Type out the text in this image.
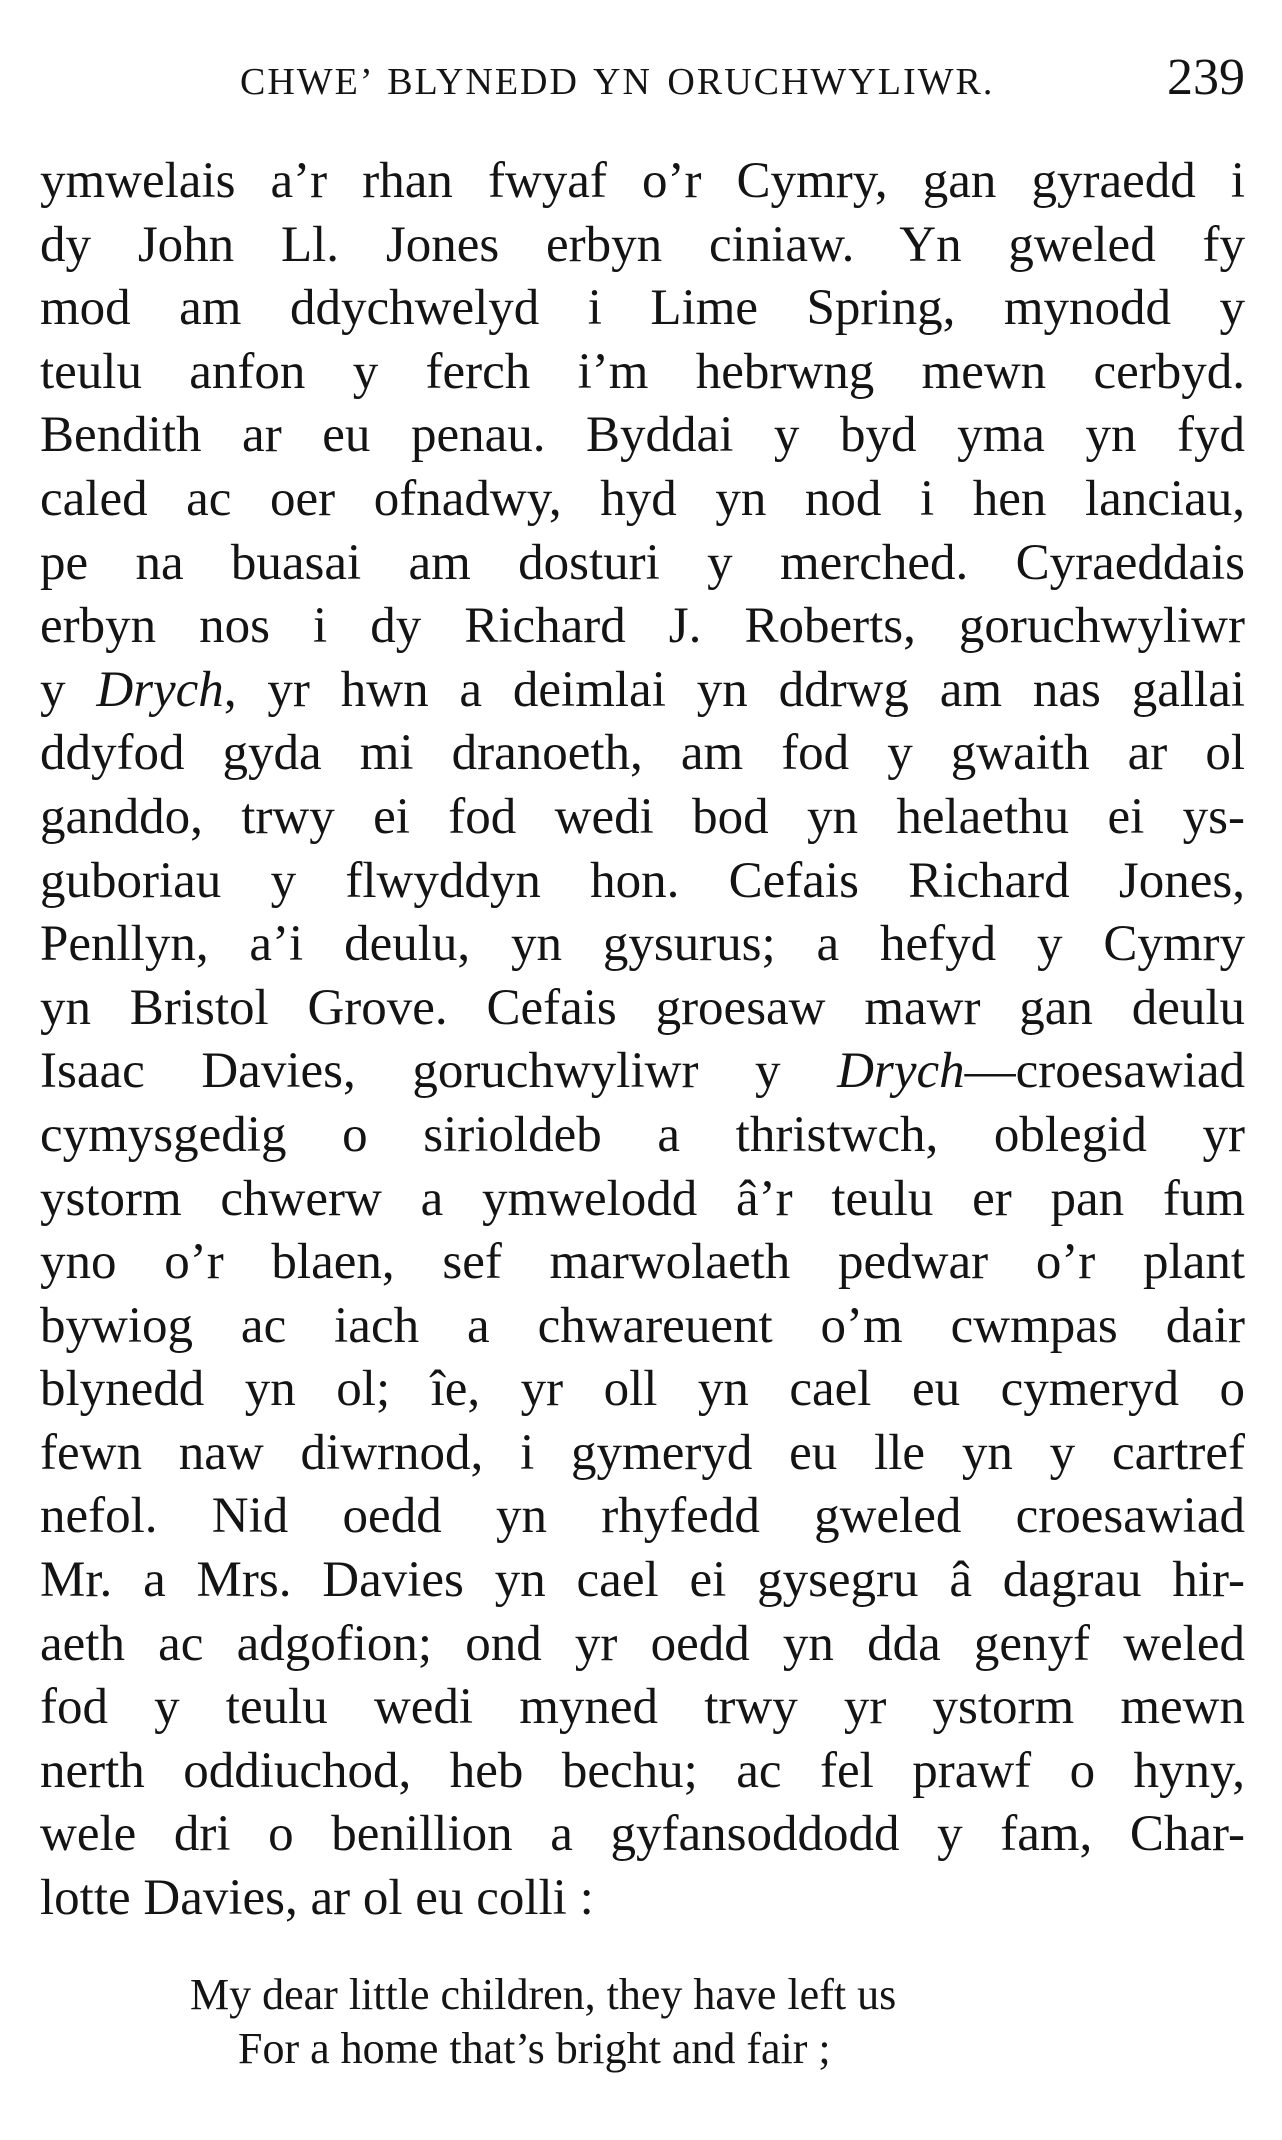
CHWE’ BLYNEDD YN ORUCHWYLIWR.	239
ymwelais a’r rhan fwyaf o’r Cymry, gan gyraedd i
dy John Ll. Jones erbyn ciniaw. Yn gweled fy
mod am ddychwelyd i Lime Spring, mynodd y
teulu anfon y ferch i’m hebrwng mewn cerbyd.
Bendith ar eu penau. Byddai y byd yma yn fyd
caled ac oer ofnadwy, hyd yn nod i hen lanciau,
pe na buasai am dosturi y merched. Cyraeddais
erbyn nos i dy Richard J. Roberts, goruchwyliwr
y Drych, yr hwn a deimlai yn ddrwg am nas gallai
ddyfod gyda mi dranoeth, am fod y gwaith ar ol
ganddo, trwy ei fod wedi bod yn helaethu ei ys-
guboriau y flwyddyn hon. Cefais Richard Jones,
Penllyn, a’i deulu, yn gysurus; a hefyd y Cymry
yn Bristol Grove. Cefais groesaw mawr gan deulu
Isaac Davies, goruchwyliwr y Drych—croesawiad
cymysgedig o sirioldeb a thristwch, oblegid yr
ystorm chwerw a ymwelodd â’r teulu er pan fum
yno o’r blaen, sef marwolaeth pedwar o’r plant
bywiog ac iach a chwareuent o’m cwmpas dair
blynedd yn ol; îe, yr oll yn cael eu cymeryd o
fewn naw diwrnod, i gymeryd eu lle yn y cartref
nefol. Nid oedd yn rhyfedd gweled croesawiad
Mr. a Mrs. Davies yn cael ei gysegru â dagrau hir-
aeth ac adgofion; ond yr oedd yn dda genyf weled
fod y teulu wedi myned trwy yr ystorm mewn
nerth oddiuchod, heb bechu; ac fel prawf o hyny,
wele dri o benillion a gyfansoddodd y fam, Char-
lotte Davies, ar ol eu colli :
My dear little children, they have left us
For a home that’s bright and fair ;
